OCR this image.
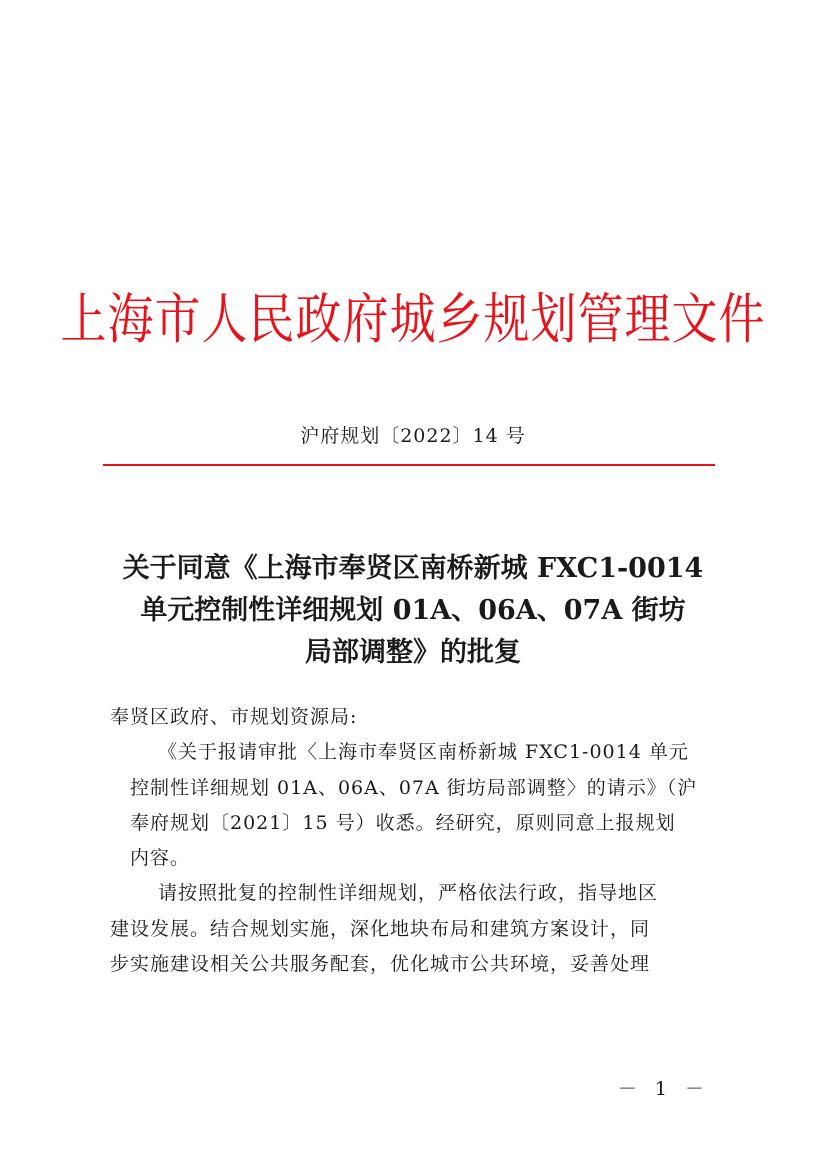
上海市人民政府城乡规划管理文件
沪府规划〔2022〕14 号
关于同意《上海市奉贤区南桥新城 FXC1-0014
单元控制性详细规划 01A、06A、07A 街坊
局部调整》的批复
奉贤区政府、市规划资源局:
《关于报请审批〈上海市奉贤区南桥新城 FXC1-0014 单元
控制性详细规划 01A、06A、07A 街坊局部调整〉的请示》（沪
奉府规划〔2021〕15 号）收悉。经研究，原则同意上报规划
内容。
请按照批复的控制性详细规划，严格依法行政，指导地区
建设发展。结合规划实施，深化地块布局和建筑方案设计，同
步实施建设相关公共服务配套，优化城市公共环境，妥善处理
－ 1 －
